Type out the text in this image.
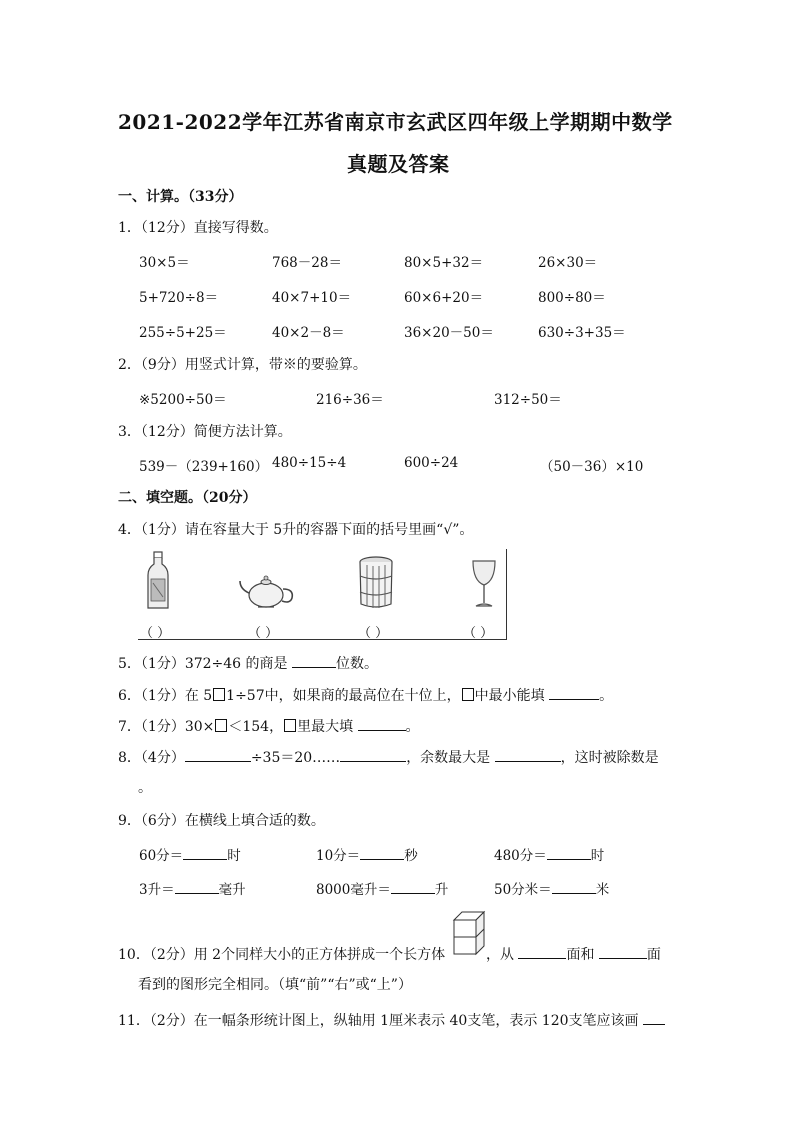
2021-2022学年江苏省南京市玄武区四年级上学期期中数学
真题及答案
一、计算。（33分）
1．（12分）直接写得数。
30×5＝	768－28＝	80×5+32＝	26×30＝
5+720÷8＝	40×7+10＝	60×6+20＝	800÷80＝
255÷5+25＝	40×2－8＝	36×20－50＝	630÷3+35＝
2．（9分）用竖式计算，带※的要验算。
※5200÷50＝	216÷36＝	312÷50＝
3．（12分）简便方法计算。
539－（239+160） 480÷15÷4	600÷24	（50－36）×10
二、填空题。（20分）
4．（1分）请在容量大于 5升的容器下面的括号里画“√”。
（ ）	（ ）	（ ）	（ ）
5．（1分）372÷46 的商是	位数。
6．（1分）在 5 1÷57中，如果商的最高位在十位上， 中最小能填	。
7．（1分）30× ＜154， 里最大填	。
8．（4分）	÷35＝20……	，余数最大是	，这时被除数是
。
9．（6分）在横线上填合适的数。
60分＝	时	10分＝	秒	480分＝	时
3升＝	毫升	8000毫升＝	升	50分米＝	米
10．（2分）用 2个同样大小的正方体拼成一个长方体	，从	面和	面
看到的图形完全相同。（填“前”“右”或“上”）
11．（2分）在一幅条形统计图上，纵轴用 1厘米表示 40支笔，表示 120支笔应该画
